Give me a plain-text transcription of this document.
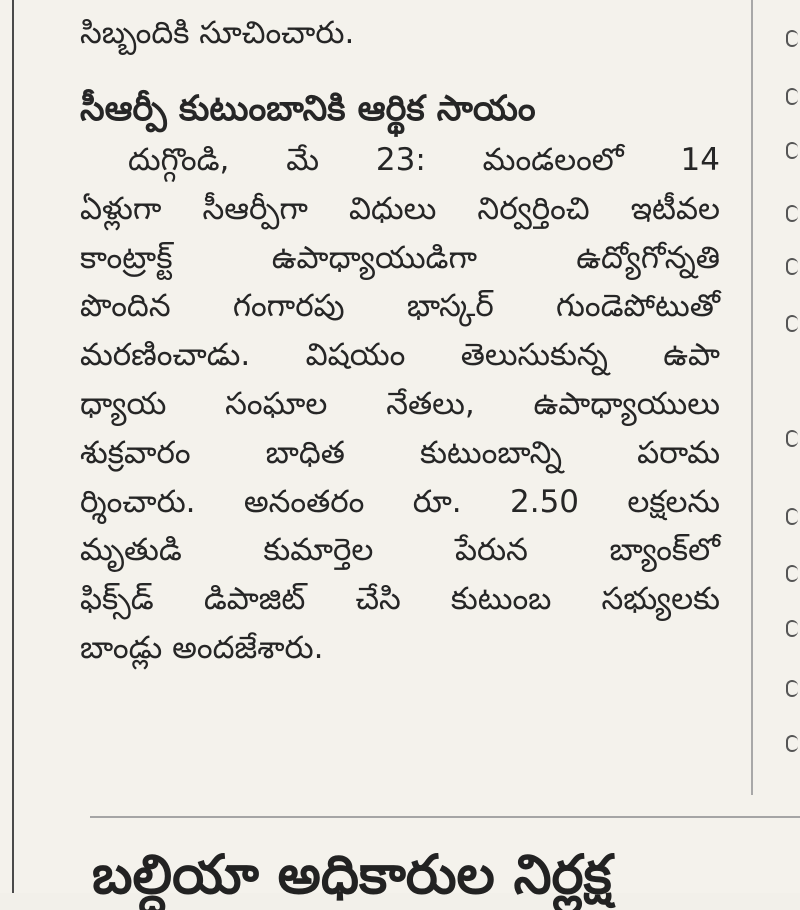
సిబ్బందికి సూచించారు.

సీఆర్పీ కుటుంబానికి ఆర్థిక సాయం

దుగ్గొండి, మే 23: మండలంలో 14
ఏళ్లుగా సీఆర్పీగా విధులు నిర్వర్తించి ఇటీవల
కాంట్రాక్ట్ ఉపాధ్యాయుడిగా ఉద్యోగోన్నతి
పొందిన గంగారపు భాస్కర్ గుండెపోటుతో
మరణించాడు. విషయం తెలుసుకున్న ఉపా
ధ్యాయ సంఘాల నేతలు, ఉపాధ్యాయులు
శుక్రవారం బాధిత కుటుంబాన్ని పరామ
ర్శించారు. అనంతరం రూ. 2.50 లక్షలను
మృతుడి కుమార్తెల పేరున బ్యాంక్‌లో
ఫిక్స్‌డ్ డిపాజిట్ చేసి కుటుంబ సభ్యులకు
బాండ్లు అందజేశారు.

బల్దియా అధికారుల నిర్లక్ష
